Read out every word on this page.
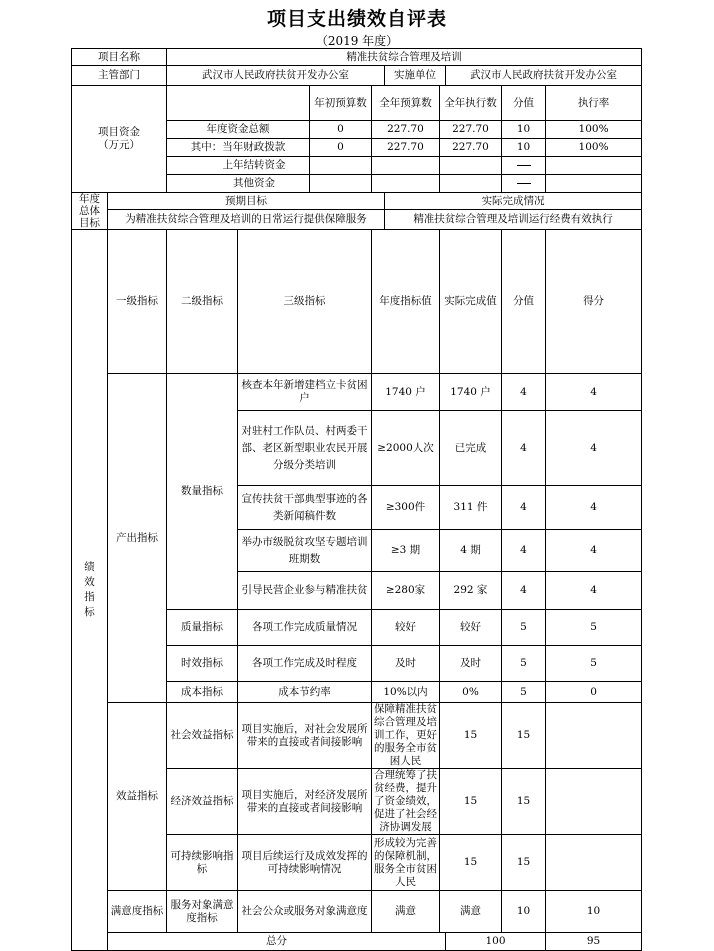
项目支出绩效自评表
（2019 年度）
项目名称		精准扶贫综合管理及培训									
主管部门		武汉市人民政府扶贫开发办公室				实施单位		武汉市人民政府扶贫开发办公室			

项目资金
（万元）				年初预算数	全年预算数		全年执行数		分值	执行率	
		年度资金总额		0	227.70		227.70		10	100%	
		其中：当年财政拨款		0	227.70		227.70		10	100%	
		上年结转资金									
		其他资金									
年度总体目标	预期目标					实际完成情况					
	为精准扶贫综合管理及培训的日常运行提供保障服务					精准扶贫综合管理及培训运行经费有效执行					
绩效指标	一级指标	二级指标	三级指标		年度指标值		实际完成值		分值	得分	
	产出指标	数量指标	核查本年新增建档立卡贫困户		1740 户		1740 户		4	4	
			对驻村工作队员、村两委干部、老区新型职业农民开展分级分类培训		≥2000人次		已完成		4	4	
			宣传扶贫干部典型事迹的各类新闻稿件数		≥300件		311 件		4	4	
			举办市级脱贫攻坚专题培训班期数		≥3 期		4 期		4	4	
			引导民营企业参与精准扶贫		≥280家		292 家		4	4	
		质量指标	各项工作完成质量情况		较好		较好		5	5	
		时效指标	各项工作完成及时程度		及时		及时		5	5	
		成本指标	成本节约率		10%以内		0%		5	0	
	效益指标	社会效益指标	项目实施后，对社会发展所带来的直接或者间接影响		保障精准扶贫综合管理及培训工作，更好的服务全市贫困人民		15		15		
		经济效益指标	项目实施后，对经济发展所带来的直接或者间接影响		合理统筹了扶贫经费，提升了资金绩效，促进了社会经济协调发展		15		15		
		可持续影响指标	项目后续运行及成效发挥的可持续影响情况		形成较为完善的保障机制，服务全市贫困人民		15		15		
	满意度指标	服务对象满意度指标	社会公众或服务对象满意度		满意		满意		10	10	
	总分							100		95	
